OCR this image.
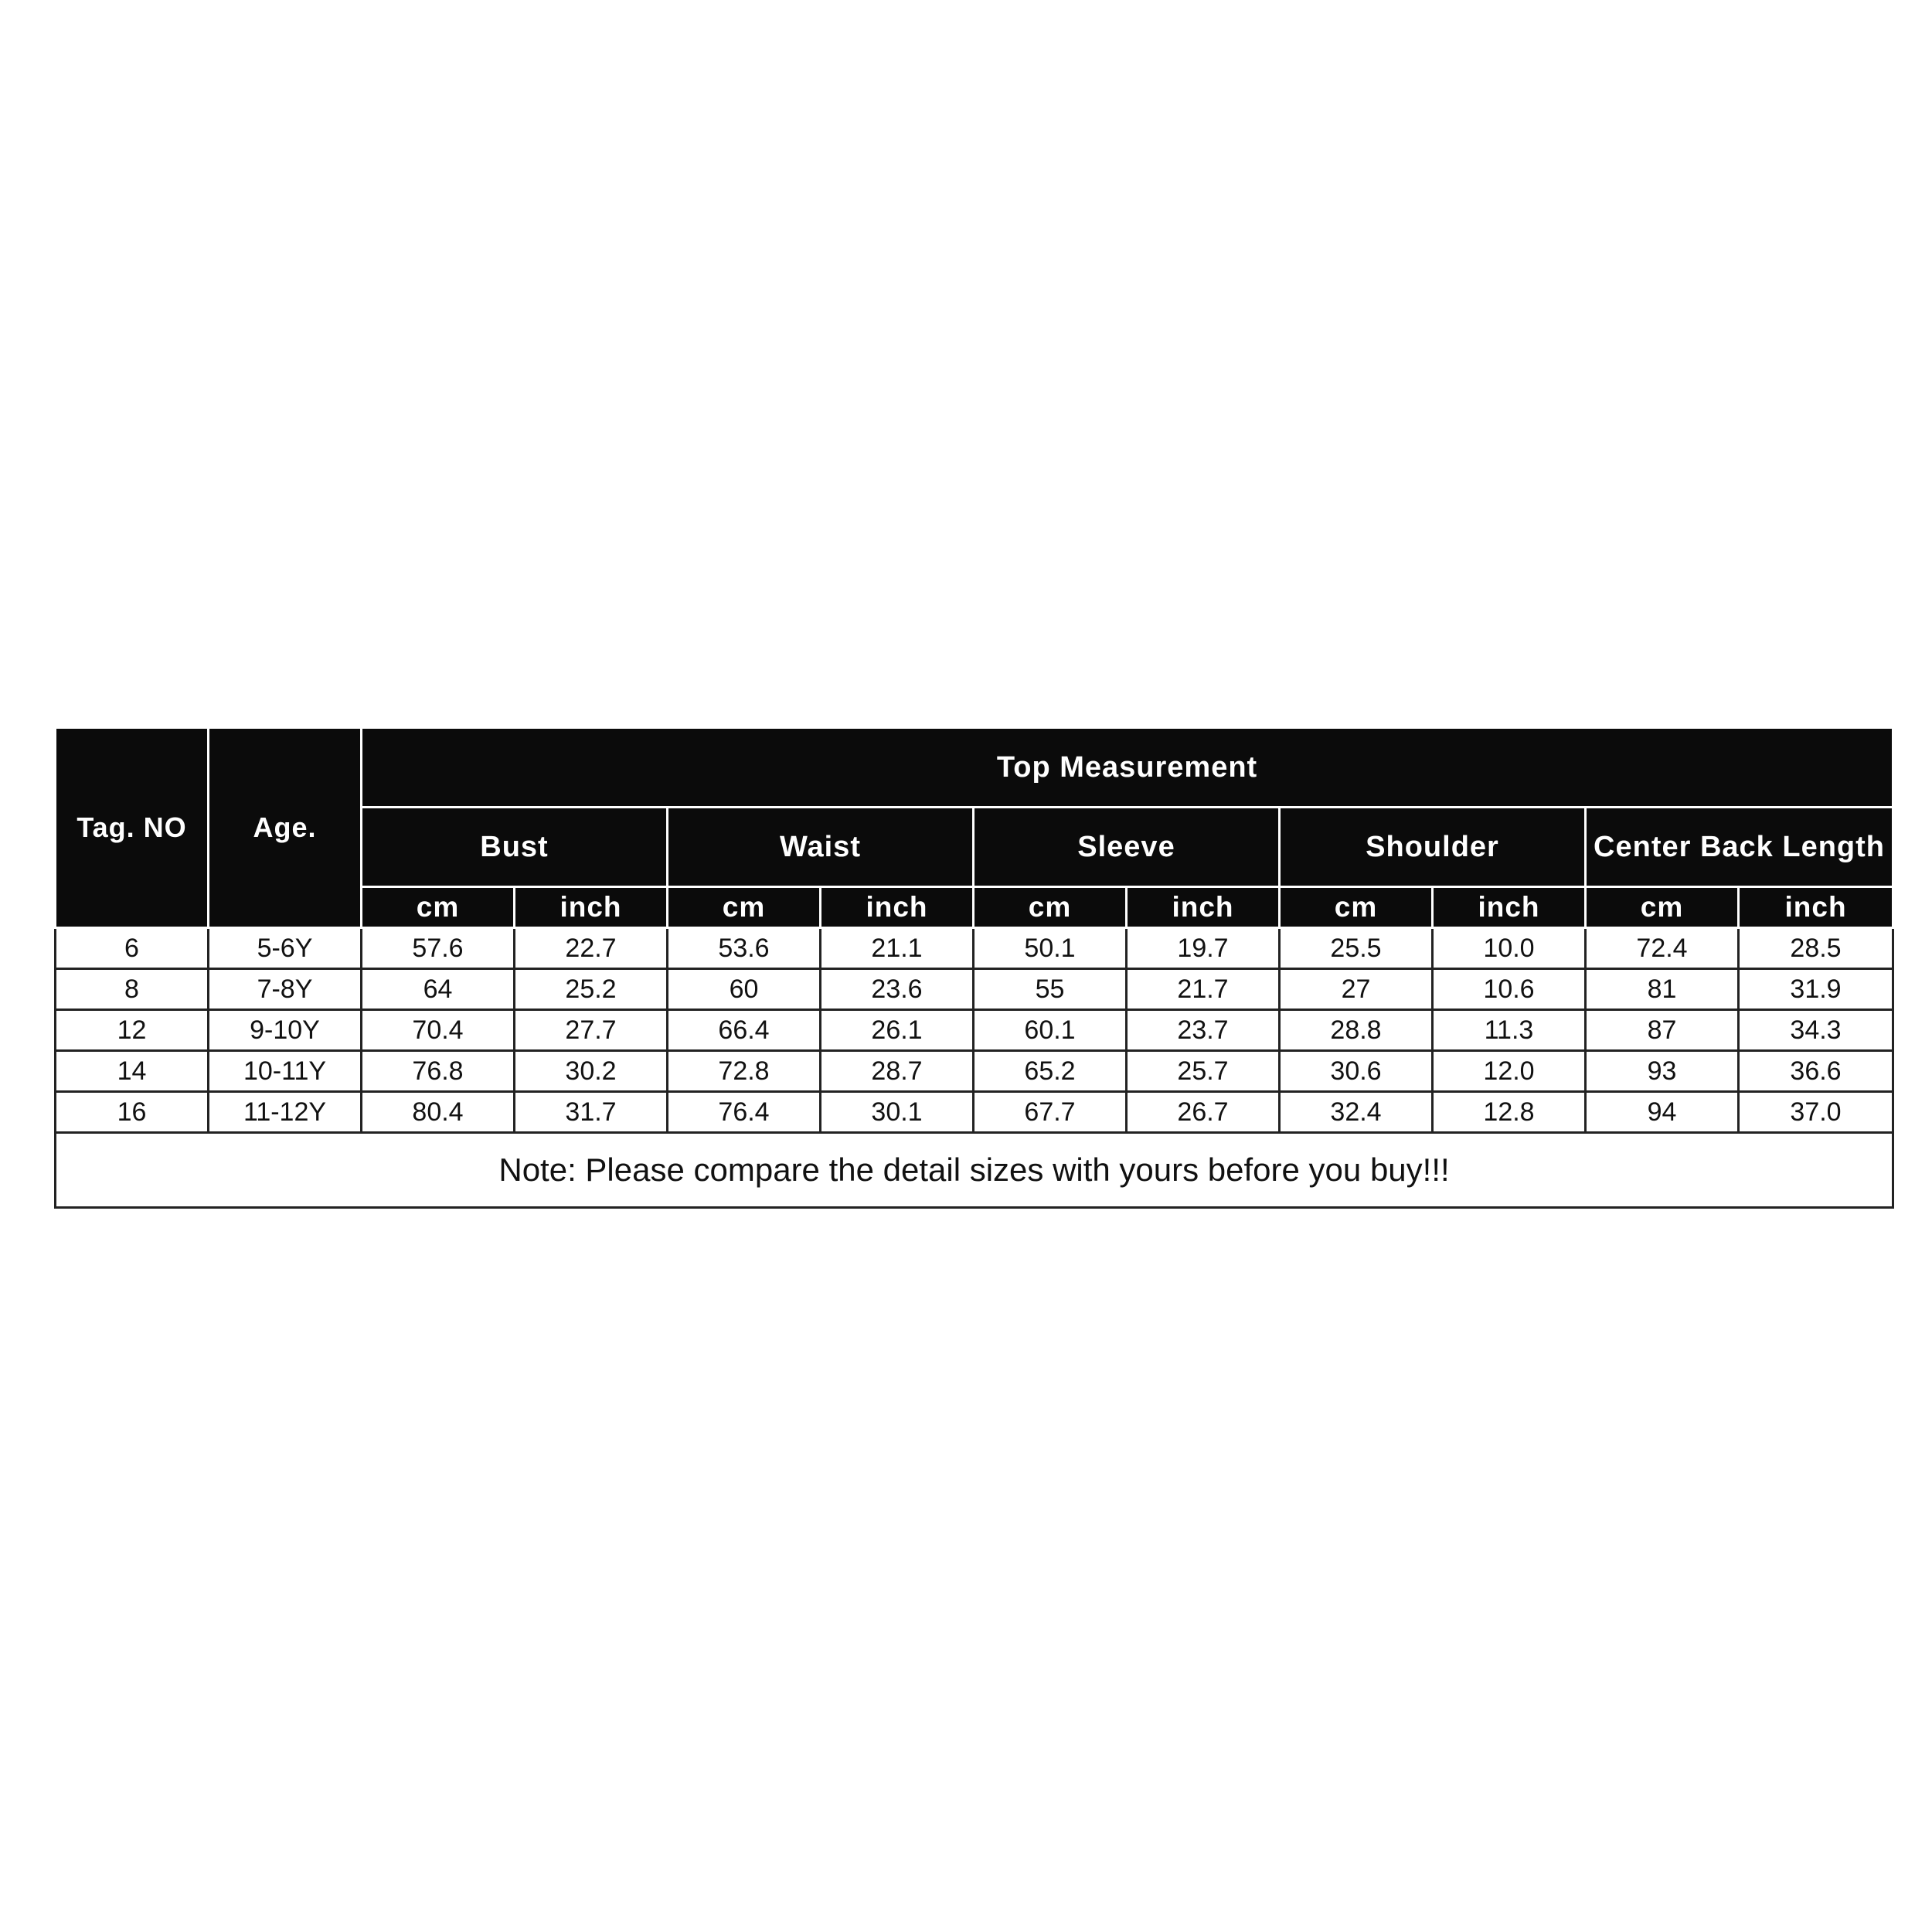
Tag. NO	Age.	Top Measurement									
		Bust		Waist		Sleeve		Shoulder		Center Back Length	
		cm	inch	cm	inch	cm	inch	cm	inch	cm	inch
6	5-6Y	57.6	22.7	53.6	21.1	50.1	19.7	25.5	10.0	72.4	28.5
8	7-8Y	64	25.2	60	23.6	55	21.7	27	10.6	81	31.9
12	9-10Y	70.4	27.7	66.4	26.1	60.1	23.7	28.8	11.3	87	34.3
14	10-11Y	76.8	30.2	72.8	28.7	65.2	25.7	30.6	12.0	93	36.6
16	11-12Y	80.4	31.7	76.4	30.1	67.7	26.7	32.4	12.8	94	37.0
Note: Please compare the detail sizes with yours before you buy!!!											
